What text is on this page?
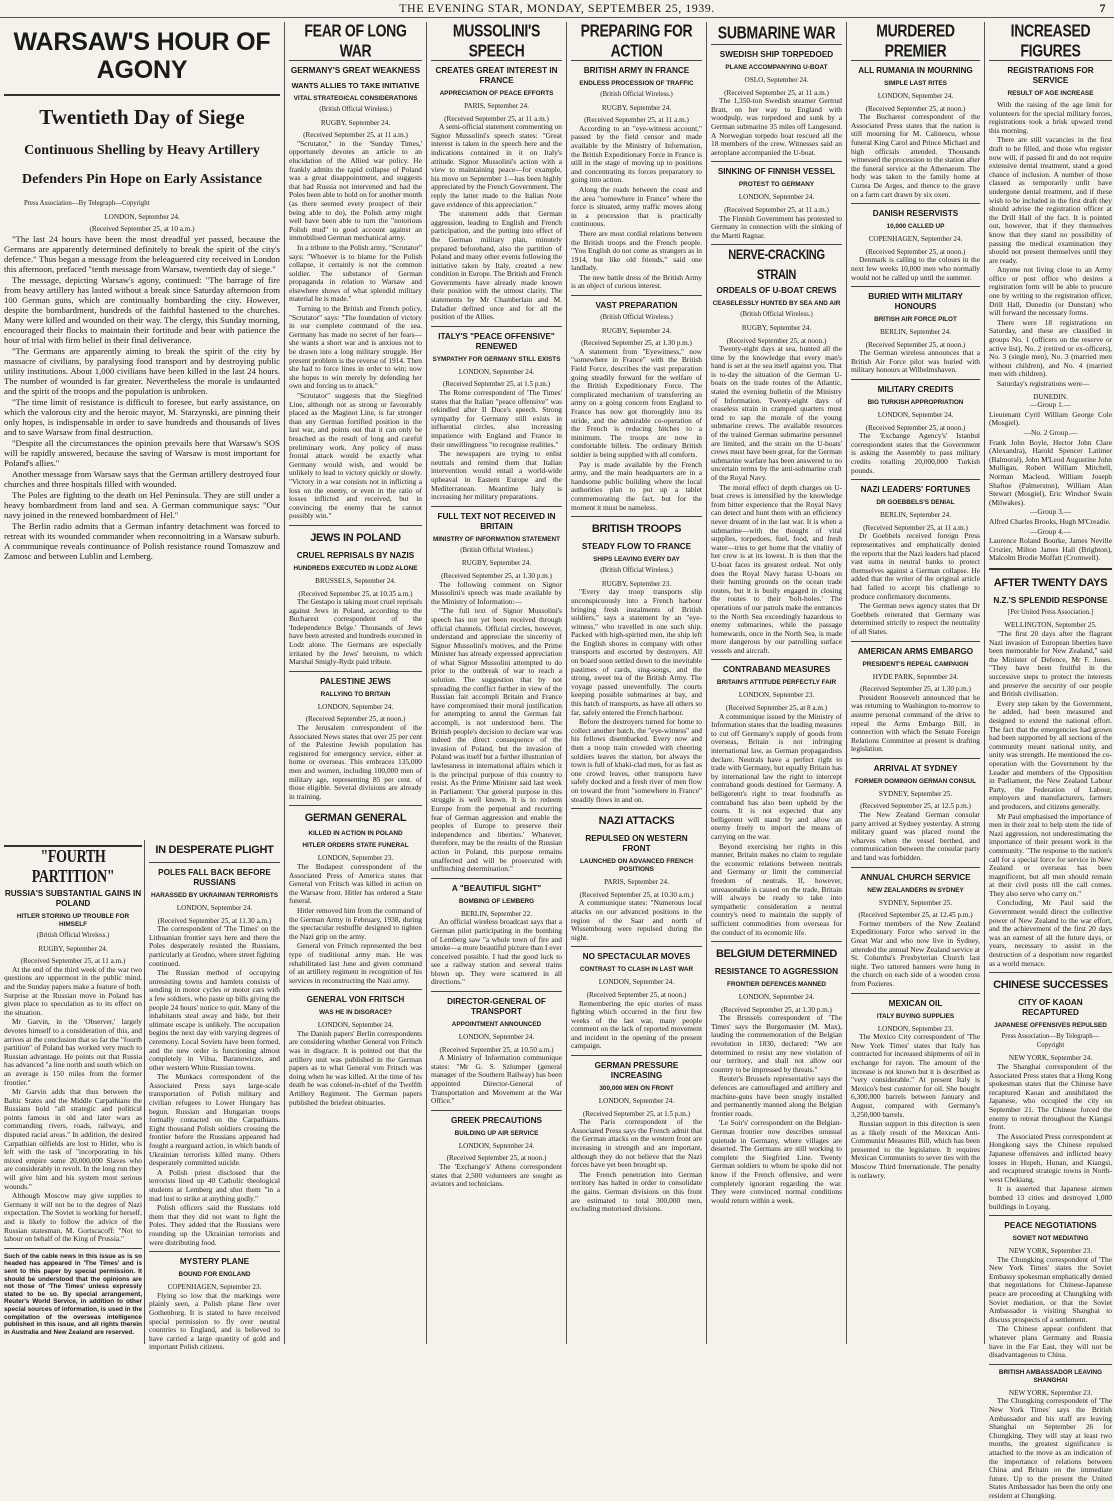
THE EVENING STAR, MONDAY, SEPTEMBER 25, 1939.	7
WARSAW'S HOUR OF AGONY
Twentieth Day of Siege
Continuous Shelling by Heavy Artillery
Defenders Pin Hope on Early Assistance
Press Association—By Telegraph—Copyright
LONDON, September 24.
(Received September 25, at 10 a.m.)

"The last 24 hours have been the most dreadful yet passed, because the Germans are apparently determined definitely to break the spirit of the city's defence." Thus began a message from the beleaguered city received in London this afternoon, prefaced "tenth message from Warsaw, twentieth day of siege."

The message, depicting Warsaw's agony, continued: "The barrage of fire from heavy artillery has lasted without a break since Saturday afternoon from 100 German guns, which are continually bombarding the city. However, despite the bombardment, hundreds of the faithful hastened to the churches. Many were killed and wounded on their way. The clergy, this Sunday morning, encouraged their flocks to maintain their fortitude and bear with patience the hour of trial with firm belief in their final deliverance.

"The Germans are apparently aiming to break the spirit of the city by massacre of civilians, by paralysing food transport and by destroying public utility institutions. About 1,000 civilians have been killed in the last 24 hours. The number of wounded is far greater. Nevertheless the morale is undaunted and the spirit of the troops and the population is unbroken.

"The time limit of resistance is difficult to foresee, but early assistance, on which the valorous city and the heroic mayor, M. Starzynski, are pinning their only hopes, is indispensable in order to save hundreds and thousands of lives and to save Warsaw from final destruction.

"Despite all the circumstances the opinion prevails here that Warsaw's SOS will be rapidly answered, because the saving of Warsaw is most important for Poland's allies."

Another message from Warsaw says that the German artillery destroyed four churches and three hospitals filled with wounded.

The Poles are fighting to the death on Hel Peninsula. They are still under a heavy bombardment from land and sea. A German communique says: "Our navy joined in the renewed bombardment of Hel."

The Berlin radio admits that a German infantry detachment was forced to retreat with its wounded commander when reconnoitring in a Warsaw suburb. A communique reveals continuance of Polish resistance round Tomaszow and Zamosc and between Lublin and Lemberg.

"FOURTH PARTITION"
RUSSIA'S SUBSTANTIAL GAINS IN POLAND
HITLER STORING UP TROUBLE FOR HIMSELF
(British Official Wireless.)
RUGBY, September 24.
(Received September 25, at 11 a.m.)

At the end of the third week of the war two questions are uppermost in the public mind, and the Sunday papers make a feature of both. Surprise at the Russian move in Poland has given place to speculation as to its effect on the situation.

Mr Garvin, in the 'Observer,' largely devotes himself to a consideration of this, and arrives at the conclusion that so far the "fourth partition" of Poland has worked very much to Russian advantage. He points out that Russia has advanced "a line north and south which on an average is 150 miles from the former frontier."

Mr Garvin adds that thus between the Baltic States and the Middle Carpathians the Russians hold "all strategic and political points famous in old and later wars as commanding rivers, roads, railways, and disputed racial areas." In addition, the desired Carpathian oilfields are lost to Hitler, who is left with the task of "incorporating in his mixed empire some 20,000,000 Slaves who are considerably in revolt. In the long run they will give him and his system most serious wounds."

Although Moscow may give supplies to Germany it will not be to the degree of Nazi expectation. The Soviet is working for herself, and is likely to follow the advice of the Russian statesman, M. Gortscacoff: "Not to labour on behalf of the King of Prussia."

Such of the cable news in this issue as is so headed has appeared in 'The Times' and is sent to this paper by special permission. It should be understood that the opinions are not those of 'The Times' unless expressly stated to be so. By special arrangement, Reuter's World Service, in addition to other special sources of information, is used in the compilation of the overseas intelligence published in this issue, and all rights therein in Australia and New Zealand are reserved.
IN DESPERATE PLIGHT
POLES FALL BACK BEFORE RUSSIANS
HARASSED BY UKRAINIAN TERRORISTS
LONDON, September 24.
(Received September 25, at 11.30 a.m.)

The correspondent of 'The Times' on the Lithuanian frontier says here and there the Poles desperately resisted the Russians, particularly at Grodno, where street fighting continued.

The Russian method of occupying unresisting towns and hamlets consists of sending in motor cycles or motor cars with a few soldiers, who paste up bills giving the people 24 hours' notice to quit. Many of the inhabitants steal away and hide, but their ultimate escape is unlikely. The occupation begins the next day with varying degrees of ceremony. Local Soviets have been formed, and the new order is functioning almost completely in Vilna, Baranowicze, and other western White Russian towns.

The Munkacs correspondent of the Associated Press says large-scale transportation of Polish military and civilian refugees to Lower Hungary has begun. Russian and Hungarian troops formally contacted on the Carpathians. Eight thousand Polish soldiers crossing the frontier before the Russians appeared had fought a rearguard action, in which bands of Ukrainian terrorists killed many. Others desperately committed suicide.

A Polish priest disclosed that the terrorists lined up 40 Catholic theological students at Lemberg and shot them "in a mad lust to strike at anything godly."

Polish officers said the Russians told them that they did not want to fight the Poles. They added that the Russians were rounding up the Ukrainian terrorists and were distributing food.

MYSTERY PLANE
BOUND FOR ENGLAND
COPENHAGEN, September 23.

Flying so low that the markings were plainly seen, a Polish plane flew over Gothenburg. It is stated to have received special permission to fly over neutral countries to England, and is believed to have carried a large quantity of gold and important Polish citizens.

FEAR OF LONG WAR
GERMANY'S GREAT WEAKNESS
WANTS ALLIES TO TAKE INITIATIVE
VITAL STRATEGICAL CONSIDERATIONS
(British Official Wireless.)
RUGBY, September 24.
(Received September 25, at 11 a.m.)

"Scrutator," in the 'Sunday Times,' opportunely devotes an article to an elucidation of the Allied war policy. He frankly admits the rapid collapse of Poland was a great disappointment, and suggests that had Russia not intervened and had the Poles been able to hold on for another month (as there seemed every prospect of their being able to do), the Polish army might well have been able to turn the "notorious Polish mud" to good account against an immobilised German mechanical army.

In a tribute to the Polish army, "Scrutator" says: "Whoever is to blame for the Polish collapse, it certainly is not the common soldier. The substance of German propaganda in relation to Warsaw and elsewhere shows of what splendid military material he is made."

Turning to the British and French policy, "Scrutator" says: "The foundation of victory in our complete command of the sea. Germany has made no secret of her fears—she wants a short war and is anxious not to be drawn into a long military struggle. Her present problem is the reverse of 1914. Then she had to force lines in order to win; now she hopes to win merely by defending her own and forcing us to attack."

"Scrutator" suggests that the Siegfried Line, although not as strong or favourably placed as the Maginot Line, is far stronger than any German fortified position in the last war, and points out that it can only be breached as the result of long and careful preliminary work. Any policy of mass frontal attack would be exactly what Germany would wish, and would be unlikely to lead to victory quickly or slowly. "Victory in a war consists not in inflicting a loss on the enemy, or even in the ratio of losses inflicted and received, but in convincing the enemy that he cannot possibly win."

JEWS IN POLAND
CRUEL REPRISALS BY NAZIS
HUNDREDS EXECUTED IN LODZ ALONE
BRUSSELS, September 24.
(Received September 25, at 10.35 a.m.)

The Gestapo is taking most cruel reprisals against Jews in Poland, according to the Bucharest correspondent of the 'Independence Belge.' Thousands of Jews have been arrested and hundreds executed in Lodz alone. The Germans are especially irritated by the Jews' heroism, to which Marshal Smigly-Rydz paid tribute.

PALESTINE JEWS
RALLYING TO BRITAIN
LONDON, September 24.
(Received September 25, at noon.)

The Jerusalem correspondent of the Associated News states that over 25 per cent of the Palestine Jewish population has registered for emergency service, either at home or overseas. This embraces 135,000 men and women, including 100,000 men of military age, representing 85 per cent. of those eligible. Several divisions are already in training.

GERMAN GENERAL
KILLED IN ACTION IN POLAND
HITLER ORDERS STATE FUNERAL
LONDON, September 23.

The Budapest correspondent of the Associated Press of America states that General von Fritsch was killed in action on the Warsaw front. Hitler has ordered a State funeral.

Hitler removed him from the command of the German Army in February, 1938, during the spectacular reshuffle designed to tighten the Nazi grip on the army.

General von Fritsch represented the best type of traditional army man. He was rehabilitated last June and given command of an artillery regiment in recognition of his services in reconstructing the Nazi army.

GENERAL VON FRITSCH
WAS HE IN DISGRACE?
LONDON, September 24.

The Danish papers' Berlin correspondents are considering whether General von Fritsch was in disgrace. It is pointed out that the artillery unit was published in the German papers as to what General von Fritsch was doing when he was killed. At the time of his death he was colonel-in-chief of the Twelfth Artillery Regiment. The German papers published the briefest obituaries.

MUSSOLINI'S SPEECH
CREATES GREAT INTEREST IN FRANCE
APPRECIATION OF PEACE EFFORTS
PARIS, September 24.
(Received September 25, at 11 a.m.)

A semi-official statement commenting on Signor Mussolini's speech states: "Great interest is taken in the speech here and the indications contained in it on Italy's attitude. Signor Mussolini's action with a view to maintaining peace—for example, his move on September 1—has been highly appreciated by the French Government. The reply the latter made to the Italian Note gave evidence of this appreciation."

The statement adds that German aggression, leading to English and French participation, and the putting into effect of the German military plan, minutely prepared beforehand, also the partition of Poland and many other events following the initiative taken by Italy, created a new condition in Europe. The British and French Governments have already made known their position with the utmost clarity. The statements by Mr Chamberlain and M. Daladier defined once and for all the position of the Allies.

ITALY'S "PEACE OFFENSIVE" RENEWED
SYMPATHY FOR GERMANY STILL EXISTS
LONDON, September 24.
(Received September 25, at 1.5 p.m.)

The Rome correspondent of 'The Times' states that the Italian "peace offensive" was rekindled after Il Duce's speech. Strong sympathy for Germany still exists in influential circles, also increasing impatience with England and France in their unwillingness "to recognise realities."

The newspapers are trying to enlist neutrals and remind them that Italian intervention would entail a world-wide upheaval in Eastern Europe and the Mediterranean. Meantime Italy is increasing her military preparations.

FULL TEXT NOT RECEIVED IN BRITAIN
MINISTRY OF INFORMATION STATEMENT
(British Official Wireless.)
RUGBY, September 24.
(Received September 25, at 1.30 p.m.)

The following comment on Signor Mussolini's speech was made available by the Ministry of Information:—

"The full text of Signor Mussolini's speech has not yet been received through official channels. Official circles, however, understand and appreciate the sincerity of Signor Mussolini's motives, and the Prime Minister has already expressed appreciation of what Signor Mussolini attempted to do prior to the outbreak of war to reach a solution. The suggestion that by not spreading the conflict further in view of the Russian fait accompli Britain and France have compromised their moral justification for attempting to annul the German fait accompli, is not understood here. The British people's decision to declare war was indeed the direct consequence of the invasion of Poland, but the invasion of Poland was itself but a further illustration of lawlessness in international affairs which it is the principal purpose of this country to resist. As the Prime Minister said last week in Parliament: 'Our general purpose in this struggle is well known. It is to redeem Europe from the perpetual and recurring fear of German aggression and enable the peoples of Europe to preserve their independence and liberties.' Whatever, therefore, may be the results of the Russian action in Poland, this purpose remains unaffected and will be prosecuted with unflinching determination."

A "BEAUTIFUL SIGHT"
BOMBING OF LEMBERG
BERLIN, September 22.

An official wireless broadcast says that a German pilot participating in the bombing of Lemberg saw "a whole town of fire and smoke—a more beautiful picture than I ever conceived possible. I had the good luck to see a railway station and several trains blown up. They were scattered in all directions."

DIRECTOR-GENERAL OF TRANSPORT
APPOINTMENT ANNOUNCED
LONDON, September 24.
(Received September 25, at 10.50 a.m.)

A Ministry of Information communique states: "Mr G. S. Szlumper (general manager of the Southern Railway) has been appointed Director-General of Transportation and Movement at the War Office."

GREEK PRECAUTIONS
BUILDING UP AIR SERVICE
LONDON, September 24.
(Received September 25, at noon.)

The 'Exchange's' Athens correspondent states that 2,500 volunteers are sought as aviators and technicians.

PREPARING FOR ACTION
BRITISH ARMY IN FRANCE
ENDLESS PROCESSION OF TRAFFIC
(British Official Wireless.)
RUGBY, September 24.
(Received September 25, at 11 a.m.)

According to an "eye-witness account," passed by the field censor and made available by the Ministry of Information, the British Expeditionary Force in France is still in the stage of moving up to positions and concentrating its forces preparatory to going into action.

Along the roads between the coast and the area "somewhere in France" where the force is situated, army traffic moves along in a procession that is practically continuous.

There are most cordial relations between the British troops and the French people. "You English do not come as strangers as in 1914, but like old friends," said one landlady.

The new battle dress of the British Army is an object of curious interest.

VAST PREPARATION
(British Official Wireless.)
RUGBY, September 24.
(Received September 25, at 1.30 p.m.)

A statement from "Eyewitness," now "somewhere in France" with the British Field Force, describes the vast preparation going steadily forward for the welfare of the British Expeditionary Force. The complicated mechanism of transferring an army on a going concern from England to France has now got thoroughly into its stride, and the admirable co-operation of the French is reducing hitches to a minimum. The troops are now in comfortable billets. The ordinary British soldier is being supplied with all comforts.

Pay is made available by the French army, and the main headquarters are in a handsome public building where the local authorities plan to put up a tablet commemorating the fact, but for the moment it must be nameless.

BRITISH TROOPS
STEADY FLOW TO FRANCE
SHIPS LEAVING EVERY DAY
(British Official Wireless.)
RUGBY, September 23.

"Every day troop transports slip unconspicuously into a French harbour bringing fresh instalments of British soldiers," says a statement by an "eye-witness," who travelled in one such ship. Packed with high-spirited men, the ship left the English shores in company with other transports and escorted by destroyers. All on board soon settled down to the inevitable pastimes of cards, sing-songs, and the strong, sweet tea of the British Army. The voyage passed uneventfully. The courts keeping possible submarines at bay, and this batch of transports, as have all others so far, safely entered the French harbour.

Before the destroyers turned for home to collect another batch, the "eye-witness" and his fellows disembarked. Every now and then a troop train crowded with cheering soldiers leaves the station, but always the town is full of khaki-clad men, for as fast as one crowd leaves, other transports have safely docked and a fresh river of men flow on toward the front "somewhere in France" steadily flows in and on.

NAZI ATTACKS
REPULSED ON WESTERN FRONT
LAUNCHED ON ADVANCED FRENCH POSITIONS
PARIS, September 24.
(Received September 25, at 10.30 a.m.)

A communique states: "Numerous local attacks on our advanced positions in the region of the Saar and north of Wissembourg were repulsed during the night.

NO SPECTACULAR MOVES
CONTRAST TO CLASH IN LAST WAR
LONDON, September 24.
(Received September 25, at noon.)

Remembering the epic stories of mass fighting which occurred in the first few weeks of the last war, many people comment on the lack of reported movement and incident in the opening of the present campaign.

GERMAN PRESSURE INCREASING
300,000 MEN ON FRONT
LONDON, September 24.
(Received September 25, at 1.5 p.m.)

The Paris correspondent of the Associated Press says the French admit that the German attacks on the western front are increasing in strength and are important, although they do not believe that the Nazi forces have yet been brought up.

The French penetration into German territory has halted in order to consolidate the gains. German divisions on this front are estimated to total 300,000 men, excluding motorised divisions.

SUBMARINE WAR
SWEDISH SHIP TORPEDOED
PLANE ACCOMPANYING U-BOAT
OSLO, September 24.
(Received September 25, at 11 a.m.)

The 1,350-ton Swedish steamer Gertrud Bratt, on her way to England with woodpulp, was torpedoed and sunk by a German submarine 35 miles off Langesund. A Norwegian torpedo boat rescued all the 18 members of the crew. Witnesses said an aeroplane accompanied the U-boat.

SINKING OF FINNISH VESSEL
PROTEST TO GERMANY
LONDON, September 24.
(Received September 25, at 11 a.m.)

The Finnish Government has protested to Germany in connection with the sinking of the Martti Ragnar.

NERVE-CRACKING STRAIN
ORDEALS OF U-BOAT CREWS
CEASELESSLY HUNTED BY SEA AND AIR
(British Official Wireless.)
RUGBY, September 24.
(Received September 25, at noon.)

Twenty-eight days at sea, hunted all the time by the knowledge that every man's hand is set at the sea itself against you. That is to-day the situation of the German U-boats on the trade routes of the Atlantic, stated the evening bulletin of the Ministry of Information. Twenty-eight days of ceaseless strain in cramped quarters must tend to sap the morale of the young submarine crews. The available resources of the trained German submarine personnel are limited, and the strain on the U-boats' crews must have been great, for the German submarine warfare has been answered to no uncertain terms by the anti-submarine craft of the Royal Navy.

The moral effect of depth charges on U-boat crews is intensified by the knowledge from bitter experience that the Royal Navy can detect and hunt them with an efficiency never dreamt of in the last war. It is when a submarine—with the thought of vital supplies, torpedoes, fuel, food, and fresh water—tries to get home that the vitality of her crew is at its lowest. It is then that the U-boat faces its greatest ordeal. Not only does the Royal Navy harass U-boats on their hunting grounds on the ocean trade routes, but it is busily engaged in closing the routes to their 'bolt-holes.' The operations of our patrols make the entrances to the North Sea exceedingly hazardous to enemy submarines, while the passage homewards, once in the North Sea, is made more dangerous by our patrolling surface vessels and aircraft.

CONTRABAND MEASURES
BRITAIN'S ATTITUDE PERFECTLY FAIR
LONDON, September 23.
(Received September 25, at 8 a.m.)

A communique issued by the Ministry of Information states that the leading measures to cut off Germany's supply of goods from overseas, Britain is not infringing international law, as German propagandists declare. Neutrals have a perfect right to trade with Germany, but equally Britain has by international law the right to intercept contraband goods destined for Germany. A belligerent's right to treat foodstuffs as contraband has also been upheld by the courts. It is not expected that any belligerent will stand by and allow an enemy freely to import the means of carrying on the war.

Beyond exercising her rights in this manner, Britain makes no claim to regulate the economic relations between neutrals and Germany or limit the commercial freedom of neutrals. If, however, unreasonable is caused on the trade, Britain will always be ready to take into sympathetic consideration a neutral country's need to maintain the supply of sufficient commodities from overseas for the conduct of its economic life.

BELGIUM DETERMINED
RESISTANCE TO AGGRESSION
FRONTIER DEFENCES MANNED
LONDON, September 24.
(Received September 25, at 1.30 p.m.)

The Brussels correspondent of 'The Times' says the Burgomaster (M. Max), lauding the commemoration of the Belgian revolution in 1830, declared: "We are determined to resist any new violation of our territory, and shall not allow our country to be impressed by threats."

Reuter's Brussels representative says the defences are camouflaged and artillery and machine-guns have been snugly installed and permanently manned along the Belgian frontier roads.

'Le Soir's' correspondent on the Belgian-German frontier now describes unusual quietude in Germany, where villages are deserted. The Germans are still working to complete the Siegfried Line. Twenty German soldiers to whom he spoke did not know if the French offensive, and were completely ignorant regarding the war. They were convinced normal conditions would return within a week.

MURDERED PREMIER
ALL RUMANIA IN MOURNING
SIMPLE LAST RITES
LONDON, September 24.
(Received September 25, at noon.)

The Bucharest correspondent of the Associated Press states that the nation is still mourning for M. Calinescu, whose funeral King Carol and Prince Michael and high officials attended. Thousands witnessed the procession to the station after the funeral service at the Athenaeum. The body was taken to the family home at Curtea De Arges, and thence to the grave on a farm cart drawn by six oxen.

DANISH RESERVISTS
10,000 CALLED UP
COPENHAGEN, September 24.
(Received September 25, at noon.)

Denmark is calling to the colours in the next few weeks 10,000 men who normally would not be called up until the summer.

BURIED WITH MILITARY HONOURS
BRITISH AIR FORCE PILOT
BERLIN, September 24.
(Received September 25, at noon.)

The German wireless announces that a British Air Force pilot was buried with military honours at Wilhelmshaven.

MILITARY CREDITS
BIG TURKISH APPROPRIATION
LONDON, September 24.
(Received September 25, at noon.)

The 'Exchange Agency's' Istanbul correspondent states that the Government is asking the Assembly to pass military credits totalling 20,000,000 Turkish pounds.

NAZI LEADERS' FORTUNES
DR GOEBBELS'S DENIAL
BERLIN, September 24.
(Received September 25, at 11 a.m.)

Dr Goebbels received foreign Press representatives and emphatically denied the reports that the Nazi leaders had placed vast sums in neutral banks to protect themselves against a German collapse. He added that the writer of the original article had failed to accept his challenge to produce confirmatory documents.

The German news agency states that Dr Goebbels reiterated that Germany was determined strictly to respect the neutrality of all States.

AMERICAN ARMS EMBARGO
PRESIDENT'S REPEAL CAMPAIGN
HYDE PARK, September 24.
(Received September 25, at 1.30 p.m.)

President Roosevelt announced that he was returning to Washington to-morrow to assume personal command of the drive to repeal the Arms Embargo Bill, in connection with which the Senate Foreign Relations Committee at present is drafting legislation.

ARRIVAL AT SYDNEY
FORMER DOMINION GERMAN CONSUL
SYDNEY, September 25.
(Received September 25, at 12.5 p.m.)

The New Zealand German consular party arrived at Sydney yesterday. A strong military guard was placed round the wharves when the vessel berthed, and communication between the consular party and land was forbidden.

ANNUAL CHURCH SERVICE
NEW ZEALANDERS IN SYDNEY
SYDNEY, September 25.
(Received September 25, at 12.45 p.m.)

Former members of the New Zealand Expeditionary Force who served in the Great War and who now live in Sydney, attended the annual New Zealand service at St. Columba's Presbyterian Church last night. Two tattered banners were hung in the church on each side of a wooden cross from Pozieres.

MEXICAN OIL
ITALY BUYING SUPPLIES
LONDON, September 23.

The Mexico City correspondent of 'The New York Times' states that Italy has contracted for increased shipments of oil in exchange for rayon. The amount of the increase is not known but it is described as "very considerable." At present Italy is Mexico's best customer for oil. She bought 6,300,000 barrels between January and August, compared with Germany's 3,250,000 barrels.

Russian support in this direction is seen as a likely result of the Mexican Anti-Communist Measures Bill, which has been presented to the legislature. It requires Mexican Communists to sever ties with the Moscow Third Internationale. The penalty is outlawry.

INCREASED FIGURES
REGISTRATIONS FOR SERVICE
RESULT OF AGE INCREASE

With the raising of the age limit for volunteers for the special military forces, registrations took a brisk upward trend this morning.

There are still vacancies in the first draft to be filled, and those who register now will, if passed fit and do not require extensive dental treatment, stand a good chance of inclusion. A number of those classed as temporarily unfit have undergone dental treatment, and if these wish to be included in the first draft they should advise the registration officer at the Drill Hall of the fact. It is pointed out, however, that if they themselves know that they stand no possibility of passing the medical examination they should not present themselves until they are ready.

Anyone not living close to an Army office or post office who desires a registration form will be able to procure one by writing to the registration officer, Drill Hall, Dunedin (or Dunstan) who will forward the necessary forms.

There were 18 registrations on Saturday, and these are classified in groups No. 1 (officers on the reserve or active list), No. 2 (retired or ex-officers), No. 3 (single men), No. 3 (married men without children), and No. 4 (married men with children).

Saturday's registrations were—

DUNEDIN.

—Group 1.—

Lieutenant Cyril William George Cole (Mosgiel).

—No. 2 Group.—

Frank John Boyle, Hector John Clare (Alexandra), Harold Spencer Latimer (Balmoral), John M'Leod Augustine John Mulligan, Robert William Mitchell, Norman Macleod, William Joseph Shaftoe (Palmerston), William Alan Stewart (Mosgiel), Eric Windsor Swain (Milwakes).

—Group 3.—

Alfred Charles Brooks, Hugh M'Creadie.

—Group 4.—

Laurence Roland Bourke, James Neville Crozier, Milton James Hall (Brighton), Malcolm Brodie Moffatt (Cromwell).

AFTER TWENTY DAYS
N.Z.'S SPLENDID RESPONSE
[Per United Press Association.]
WELLINGTON, September 25.

"The first 20 days after the flagrant Nazi invasion of European liberties have been memorable for New Zealand," said the Minister of Defence, Mr F. Jones. "They have been fruitful in the successive steps to protect the interests and preserve the security of our people and British civilisation.

Every step taken by the Government, he added, had been measured and designed to extend the national effort. The fact that the emergencies had grown had been supported by all sections of the community meant national unity, and unity was strength. He mentioned the co-operation with the Government by the Leader and members of the Opposition in Parliament, the New Zealand Labour Party, the Federation of Labour, employers and manufacturers, farmers and producers, and citizens generally.

Mr Paul emphasised the importance of men in their zeal to help stem the tide of Nazi aggression, not underestimating the importance of their present work in the community. "The response to the nation's call for a special force for service in New Zealand or overseas has been magnificent, but all men should remain at their civil posts till the call comes. They also serve who carry on."

Concluding, Mr Paul said the Government would direct the collective power of New Zealand to the war effort, and the achievement of the first 20 days was an earnest of all the future days, or years, necessary to assist in the destruction of a despotism now regarded as a world menace.

CHINESE SUCCESSES
CITY OF KAOAN RECAPTURED
JAPANESE OFFENSIVES REPULSED
Press Association—By Telegraph—Copyright
NEW YORK, September 24.

The Shanghai correspondent of the Associated Press states that a Hong Kong spokesman states that the Chinese have recaptured Kaoan and annihilated the Japanese, who occupied the city on September 21. The Chinese forced the enemy to retreat throughout the Kiangsi front.

The Associated Press correspondent at Hongkong says the Chinese repulsed Japanese offensives and inflicted heavy losses in Hupeh, Hunan, and Kiangsi, and recaptured strategic towns in North-west Chekiang.

It is asserted that Japanese airmen bombed 13 cities and destroyed 1,000 buildings in Loyang.

PEACE NEGOTIATIONS
SOVIET NOT MEDIATING
NEW YORK, September 23.

The Chungking correspondent of 'The New York Times' states the Soviet Embassy spokesman emphatically denied that negotiations for Chinese-Japanese peace are proceeding at Chungking with Soviet mediation, or that the Soviet Ambassador is visiting Shanghai to discuss prospects of a settlement.

The Chinese appear confident that whatever plans Germany and Russia have in the Far East, they will not be disadvantageous to China.

BRITISH AMBASSADOR LEAVING SHANGHAI
NEW YORK, September 23.

The Chungking correspondent of 'The New York Times' says the British Ambassador and his staff are leaving Shanghai on September 26 for Chungking. They will stay at least two months, the greatest significance is attached to the move as an indication of the importance of relations between China and Britain on the immediate future. Up to the present the United States Ambassador has been the only one resident at Chungking.
